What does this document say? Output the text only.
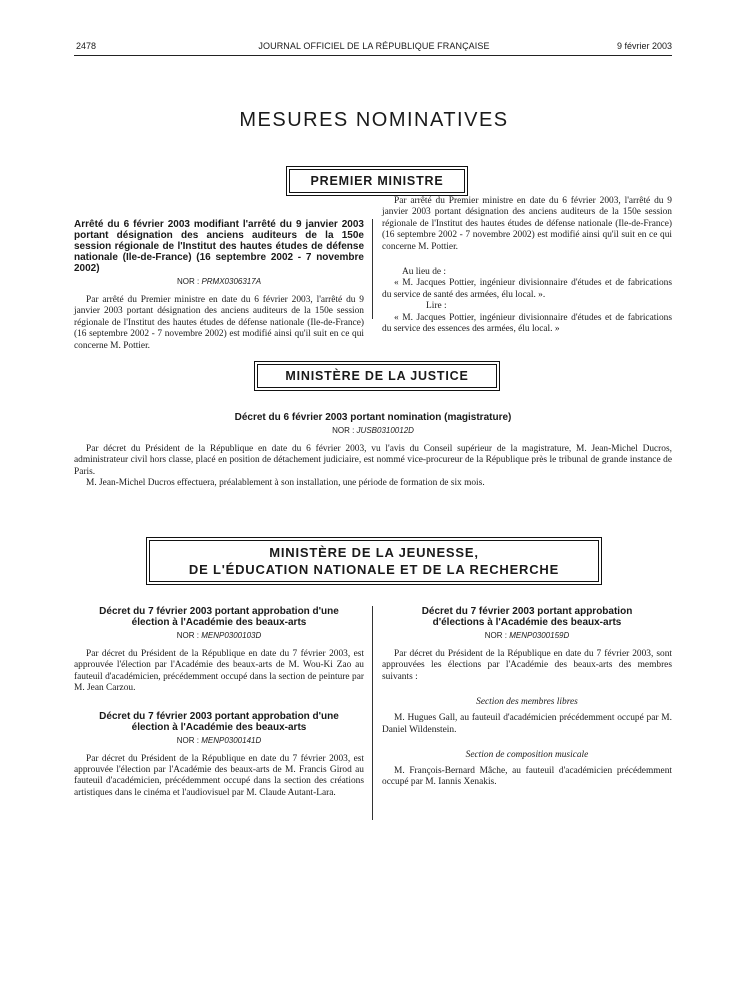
2478	JOURNAL OFFICIEL DE LA RÉPUBLIQUE FRANÇAISE	9 février 2003
MESURES NOMINATIVES
PREMIER MINISTRE
Arrêté du 6 février 2003 modifiant l'arrêté du 9 janvier 2003 portant désignation des anciens auditeurs de la 150e session régionale de l'Institut des hautes études de défense nationale (Ile-de-France) (16 septembre 2002 - 7 novembre 2002)
NOR : PRMX0306317A

Par arrêté du Premier ministre en date du 6 février 2003, l'arrêté du 9 janvier 2003 portant désignation des anciens auditeurs de la 150e session régionale de l'Institut des hautes études de défense nationale (Ile-de-France) (16 septembre 2002 - 7 novembre 2002) est modifié ainsi qu'il suit en ce qui concerne M. Pottier.

Par arrêté du Premier ministre en date du 6 février 2003, l'arrêté du 9 janvier 2003 portant désignation des anciens auditeurs de la 150e session régionale de l'Institut des hautes études de défense nationale (Ile-de-France) (16 septembre 2002 - 7 novembre 2002) est modifié ainsi qu'il suit en ce qui concerne M. Pottier.

Au lieu de :

« M. Jacques Pottier, ingénieur divisionnaire d'études et de fabrications du service de santé des armées, élu local. ».

Lire :

« M. Jacques Pottier, ingénieur divisionnaire d'études et de fabrications du service des essences des armées, élu local. »

MINISTÈRE DE LA JUSTICE
Décret du 6 février 2003 portant nomination (magistrature)
NOR : JUSB0310012D

Par décret du Président de la République en date du 6 février 2003, vu l'avis du Conseil supérieur de la magistrature, M. Jean-Michel Ducros, administrateur civil hors classe, placé en position de détachement judiciaire, est nommé vice-procureur de la République près le tribunal de grande instance de Paris.

M. Jean-Michel Ducros effectuera, préalablement à son installation, une période de formation de six mois.

MINISTÈRE DE LA JEUNESSE,
DE L'ÉDUCATION NATIONALE ET DE LA RECHERCHE
Décret du 7 février 2003 portant approbation d'une élection à l'Académie des beaux-arts
NOR : MENP0300103D

Par décret du Président de la République en date du 7 février 2003, est approuvée l'élection par l'Académie des beaux-arts de M. Wou-Ki Zao au fauteuil d'académicien, précédemment occupé dans la section de peinture par M. Jean Carzou.

Décret du 7 février 2003 portant approbation d'une élection à l'Académie des beaux-arts
NOR : MENP0300141D

Par décret du Président de la République en date du 7 février 2003, est approuvée l'élection par l'Académie des beaux-arts de M. Francis Girod au fauteuil d'académicien, précédemment occupé dans la section des créations artistiques dans le cinéma et l'audiovisuel par M. Claude Autant-Lara.

Décret du 7 février 2003 portant approbation d'élections à l'Académie des beaux-arts
NOR : MENP0300159D

Par décret du Président de la République en date du 7 février 2003, sont approuvées les élections par l'Académie des beaux-arts des membres suivants :

Section des membres libres

M. Hugues Gall, au fauteuil d'académicien précédemment occupé par M. Daniel Wildenstein.

Section de composition musicale

M. François-Bernard Mâche, au fauteuil d'académicien précédemment occupé par M. Iannis Xenakis.
